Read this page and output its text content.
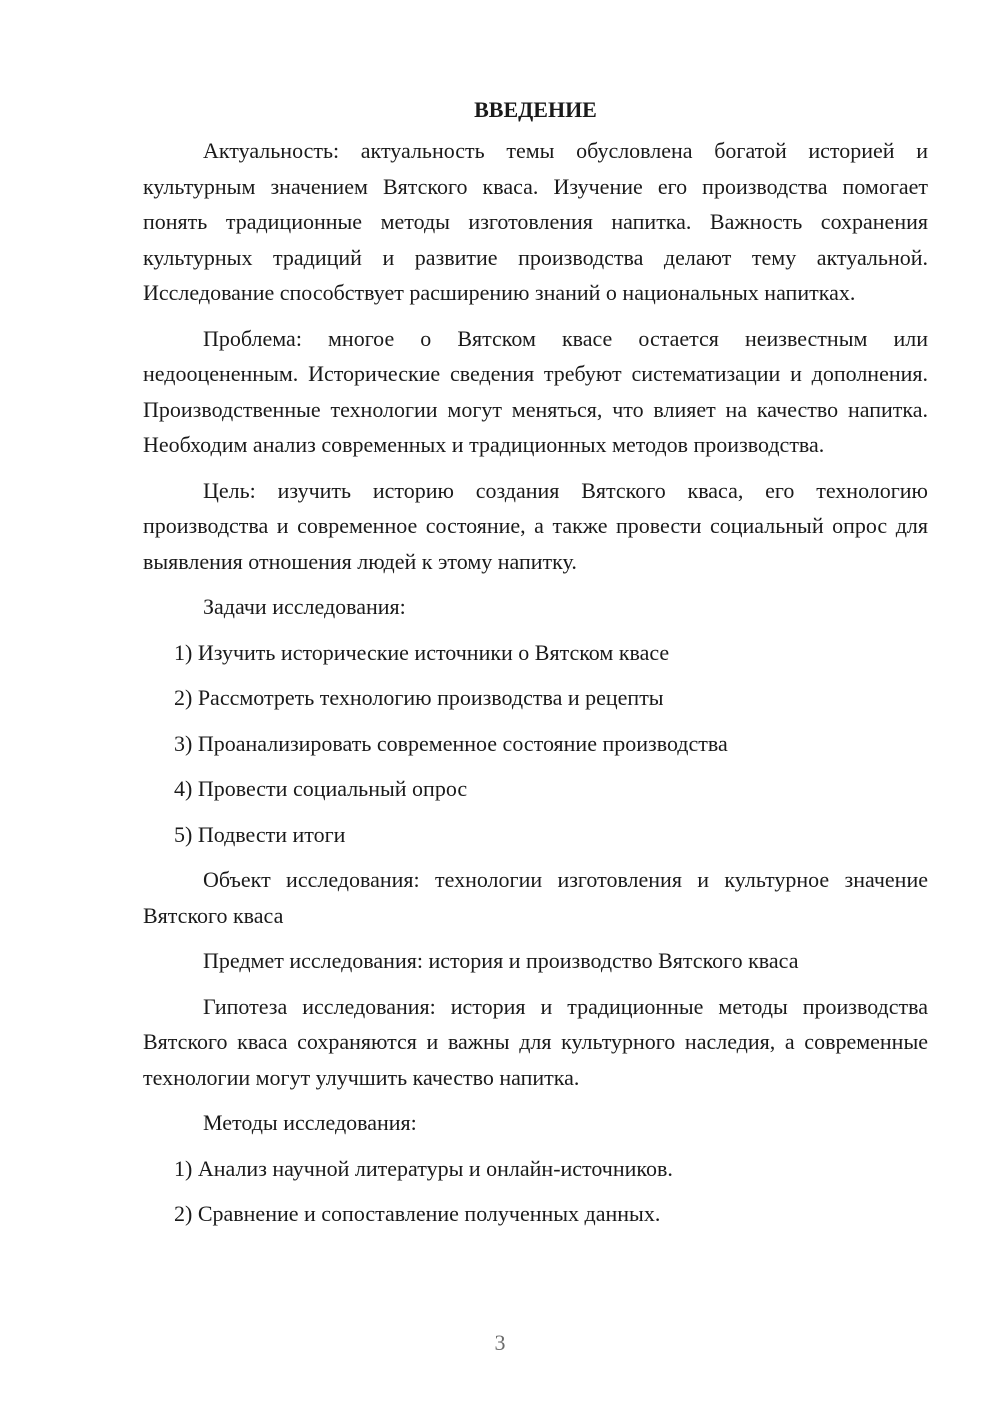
ВВЕДЕНИЕ

Актуальность: актуальность темы обусловлена богатой историей и культурным значением Вятского кваса. Изучение его производства помогает понять традиционные методы изготовления напитка. Важность сохранения культурных традиций и развитие производства делают тему актуальной. Исследование способствует расширению знаний о национальных напитках.

Проблема: многое о Вятском квасе остается неизвестным или недооцененным. Исторические сведения требуют систематизации и дополнения. Производственные технологии могут меняться, что влияет на качество напитка. Необходим анализ современных и традиционных методов производства.

Цель: изучить историю создания Вятского кваса, его технологию производства и современное состояние, а также провести социальный опрос для выявления отношения людей к этому напитку.

Задачи исследования:

1) Изучить исторические источники о Вятском квасе

2) Рассмотреть технологию производства и рецепты

3) Проанализировать современное состояние производства

4) Провести социальный опрос

5) Подвести итоги

Объект исследования: технологии изготовления и культурное значение Вятского кваса

Предмет исследования: история и производство Вятского кваса

Гипотеза исследования: история и традиционные методы производства Вятского кваса сохраняются и важны для культурного наследия, а современные технологии могут улучшить качество напитка.

Методы исследования:

1) Анализ научной литературы и онлайн-источников.

2) Сравнение и сопоставление полученных данных.

3
